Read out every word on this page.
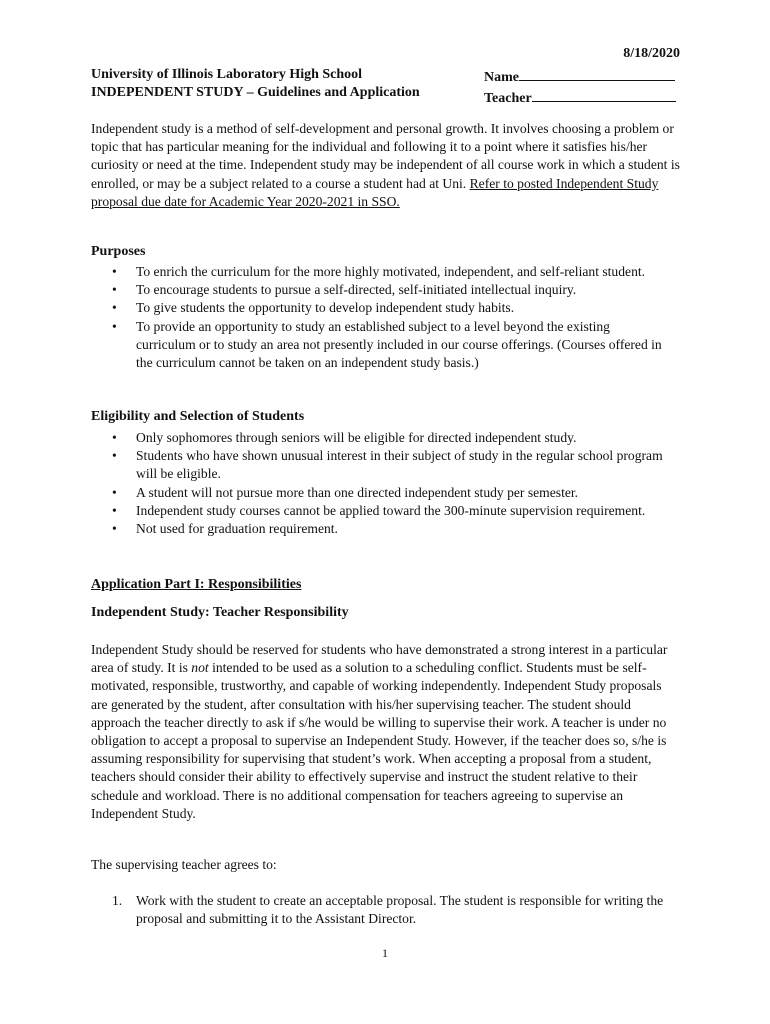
8/18/2020
University of Illinois Laboratory High School
INDEPENDENT STUDY – Guidelines and Application
Name
Teacher
Independent study is a method of self-development and personal growth. It involves choosing a problem or topic that has particular meaning for the individual and following it to a point where it satisfies his/her curiosity or need at the time. Independent study may be independent of all course work in which a student is enrolled, or may be a subject related to a course a student had at Uni. Refer to posted Independent Study proposal due date for Academic Year 2020-2021 in SSO.
Purposes
• To enrich the curriculum for the more highly motivated, independent, and self-reliant student.
• To encourage students to pursue a self-directed, self-initiated intellectual inquiry.
• To give students the opportunity to develop independent study habits.
• To provide an opportunity to study an established subject to a level beyond the existing curriculum or to study an area not presently included in our course offerings. (Courses offered in the curriculum cannot be taken on an independent study basis.)
Eligibility and Selection of Students
• Only sophomores through seniors will be eligible for directed independent study.
• Students who have shown unusual interest in their subject of study in the regular school program will be eligible.
• A student will not pursue more than one directed independent study per semester.
• Independent study courses cannot be applied toward the 300-minute supervision requirement.
• Not used for graduation requirement.
Application Part I: Responsibilities
Independent Study: Teacher Responsibility
Independent Study should be reserved for students who have demonstrated a strong interest in a particular area of study. It is not intended to be used as a solution to a scheduling conflict. Students must be self-motivated, responsible, trustworthy, and capable of working independently. Independent Study proposals are generated by the student, after consultation with his/her supervising teacher. The student should approach the teacher directly to ask if s/he would be willing to supervise their work. A teacher is under no obligation to accept a proposal to supervise an Independent Study. However, if the teacher does so, s/he is assuming responsibility for supervising that student’s work. When accepting a proposal from a student, teachers should consider their ability to effectively supervise and instruct the student relative to their schedule and workload. There is no additional compensation for teachers agreeing to supervise an Independent Study.
The supervising teacher agrees to:
1.	Work with the student to create an acceptable proposal. The student is responsible for writing the proposal and submitting it to the Assistant Director.
1
